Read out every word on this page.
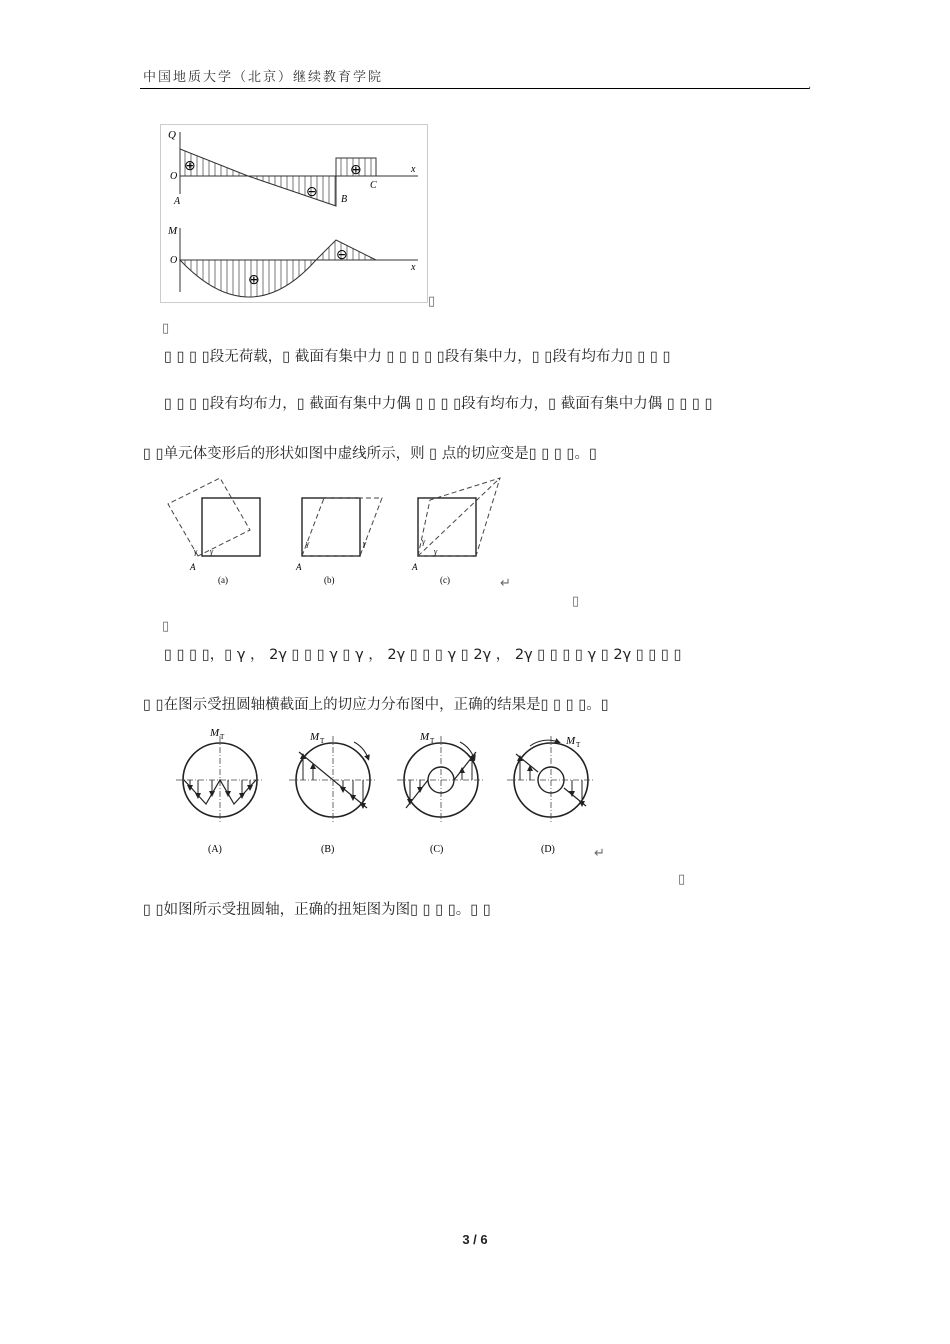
中国地质大学（北京）继续教育学院
,
Q
O
x
A	B
C
⊕
⊖
⊕
M
O
x
⊕
⊖
▯
▯
▯ ▯ ▯ ▯段无荷载，▯ 截面有集中力 ▯ ▯ ▯ ▯ ▯段有集中力，▯ ▯段有均布力▯ ▯ ▯ ▯
▯ ▯ ▯ ▯段有均布力，▯ 截面有集中力偶 ▯ ▯ ▯ ▯段有均布力，▯ 截面有集中力偶 ▯ ▯ ▯ ▯
▯ ▯单元体变形后的形状如图中虚线所示，则 ▯ 点的切应变是▯ ▯ ▯ ▯。▯
A
γ γ
(a)
A
γ	γ
(b)
A
γ
γ
(c)	↵
▯
▯
▯ ▯ ▯ ▯，▯ γ ， 2γ ▯ ▯ ▯ γ ▯ γ ， 2γ ▯ ▯ ▯ γ ▯ 2γ ， 2γ ▯ ▯ ▯ ▯ γ ▯ 2γ ▯ ▯ ▯ ▯
▯ ▯在图示受扭圆轴横截面上的切应力分布图中，正确的结果是▯ ▯ ▯ ▯。▯
M T
(A)
M T
(B)
M T
(C)
M T
(D)	↵
▯
▯ ▯如图所示受扭圆轴，正确的扭矩图为图▯ ▯ ▯ ▯。▯ ▯
3 / 6
